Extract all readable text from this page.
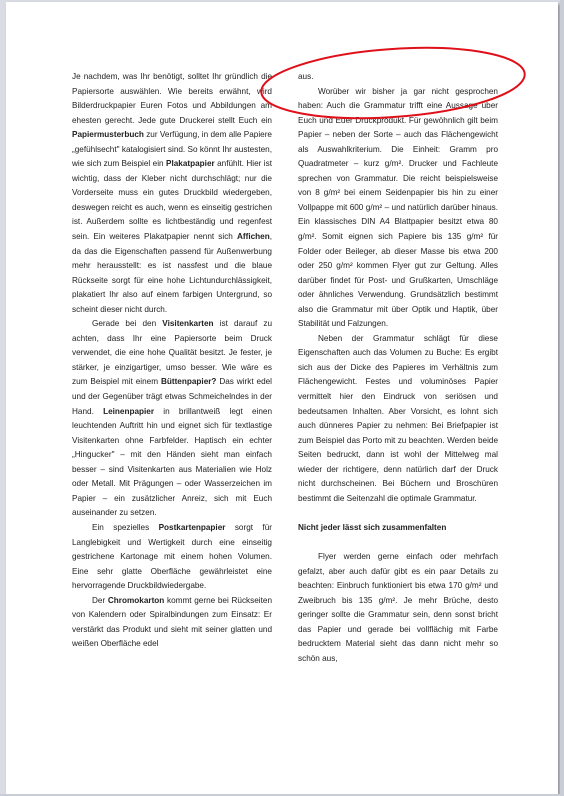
Je nachdem, was Ihr benötigt, solltet Ihr gründlich die Papiersorte auswählen. Wie bereits erwähnt, wird Bilderdruckpapier Euren Fotos und Abbildungen am ehesten gerecht. Jede gute Druckerei stellt Euch ein Papiermusterbuch zur Verfügung, in dem alle Papiere „gefühlsecht" katalogisiert sind. So könnt Ihr austesten, wie sich zum Beispiel ein Plakatpapier anfühlt. Hier ist wichtig, dass der Kleber nicht durchschlägt; nur die Vorderseite muss ein gutes Druckbild wiedergeben, deswegen reicht es auch, wenn es einseitig gestrichen ist. Außerdem sollte es lichtbeständig und regenfest sein. Ein weiteres Plakatpapier nennt sich Affichen, da das die Eigenschaften passend für Außenwerbung mehr herausstellt: es ist nassfest und die blaue Rückseite sorgt für eine hohe Lichtundurchlässigkeit, plakatiert Ihr also auf einem farbigen Untergrund, so scheint dieser nicht durch.

Gerade bei den Visitenkarten ist darauf zu achten, dass Ihr eine Papiersorte beim Druck verwendet, die eine hohe Qualität besitzt. Je fester, je stärker, je einzigartiger, umso besser. Wie wäre es zum Beispiel mit einem Büttenpapier? Das wirkt edel und der Gegenüber trägt etwas Schmeichelndes in der Hand. Leinenpapier in brillantweiß legt einen leuchtenden Auftritt hin und eignet sich für textlastige Visitenkarten ohne Farbfelder. Haptisch ein echter „Hingucker" – mit den Händen sieht man einfach besser – sind Visitenkarten aus Materialien wie Holz oder Metall. Mit Prägungen – oder Wasserzeichen im Papier – ein zusätzlicher Anreiz, sich mit Euch auseinander zu setzen.

Ein spezielles Postkartenpapier sorgt für Langlebigkeit und Wertigkeit durch eine einseitig gestrichene Kartonage mit einem hohen Volumen. Eine sehr glatte Oberfläche gewährleistet eine hervorragende Druckbildwiedergabe.

Der Chromokarton kommt gerne bei Rückseiten von Kalendern oder Spiralbindungen zum Einsatz: Er verstärkt das Produkt und sieht mit seiner glatten und weißen Oberfläche edel

aus.

Worüber wir bisher ja gar nicht gesprochen haben: Auch die Grammatur trifft eine Aussage über Euch und Euer Druckprodukt. Für gewöhnlich gilt beim Papier – neben der Sorte – auch das Flächengewicht als Auswahlkriterium. Die Einheit: Gramm pro Quadratmeter – kurz g/m². Drucker und Fachleute sprechen von Grammatur. Die reicht beispielsweise von 8 g/m² bei einem Seidenpapier bis hin zu einer Vollpappe mit 600 g/m² – und natürlich darüber hinaus. Ein klassisches DIN A4 Blattpapier besitzt etwa 80 g/m². Somit eignen sich Papiere bis 135 g/m² für Folder oder Beileger, ab dieser Masse bis etwa 200 oder 250 g/m² kommen Flyer gut zur Geltung. Alles darüber findet für Post- und Grußkarten, Umschläge oder ähnliches Verwendung. Grundsätzlich bestimmt also die Grammatur mit über Optik und Haptik, über Stabilität und Falzungen.

Neben der Grammatur schlägt für diese Eigenschaften auch das Volumen zu Buche: Es ergibt sich aus der Dicke des Papieres im Verhältnis zum Flächengewicht. Festes und voluminöses Papier vermittelt hier den Eindruck von seriösen und bedeutsamen Inhalten. Aber Vorsicht, es lohnt sich auch dünneres Papier zu nehmen: Bei Briefpapier ist zum Beispiel das Porto mit zu beachten. Werden beide Seiten bedruckt, dann ist wohl der Mittelweg mal wieder der richtigere, denn natürlich darf der Druck nicht durchscheinen. Bei Büchern und Broschüren bestimmt die Seitenzahl die optimale Grammatur.

Nicht jeder lässt sich zusammenfalten

Flyer werden gerne einfach oder mehrfach gefalzt, aber auch dafür gibt es ein paar Details zu beachten: Einbruch funktioniert bis etwa 170 g/m² und Zweibruch bis 135 g/m². Je mehr Brüche, desto geringer sollte die Grammatur sein, denn sonst bricht das Papier und gerade bei vollflächig mit Farbe bedrucktem Material sieht das dann nicht mehr so schön aus,
